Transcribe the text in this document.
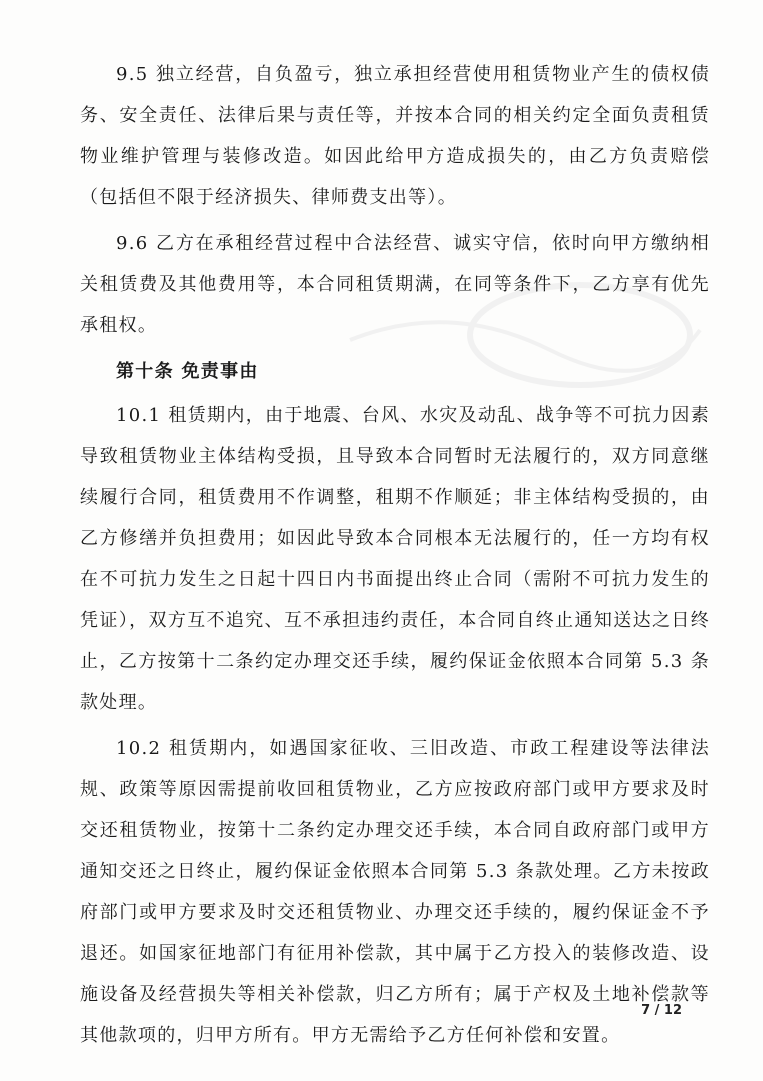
9.5 独立经营，自负盈亏，独立承担经营使用租赁物业产生的债权债务、安全责任、法律后果与责任等，并按本合同的相关约定全面负责租赁物业维护管理与装修改造。如因此给甲方造成损失的，由乙方负责赔偿（包括但不限于经济损失、律师费支出等）。

9.6 乙方在承租经营过程中合法经营、诚实守信，依时向甲方缴纳相关租赁费及其他费用等，本合同租赁期满，在同等条件下，乙方享有优先承租权。

第十条 免责事由

10.1 租赁期内，由于地震、台风、水灾及动乱、战争等不可抗力因素导致租赁物业主体结构受损，且导致本合同暂时无法履行的，双方同意继续履行合同，租赁费用不作调整，租期不作顺延；非主体结构受损的，由乙方修缮并负担费用；如因此导致本合同根本无法履行的，任一方均有权在不可抗力发生之日起十四日内书面提出终止合同（需附不可抗力发生的凭证），双方互不追究、互不承担违约责任，本合同自终止通知送达之日终止，乙方按第十二条约定办理交还手续，履约保证金依照本合同第 5.3 条款处理。

10.2 租赁期内，如遇国家征收、三旧改造、市政工程建设等法律法规、政策等原因需提前收回租赁物业，乙方应按政府部门或甲方要求及时交还租赁物业，按第十二条约定办理交还手续，本合同自政府部门或甲方通知交还之日终止，履约保证金依照本合同第 5.3 条款处理。乙方未按政府部门或甲方要求及时交还租赁物业、办理交还手续的，履约保证金不予退还。如国家征地部门有征用补偿款，其中属于乙方投入的装修改造、设施设备及经营损失等相关补偿款，归乙方所有；属于产权及土地补偿款等其他款项的，归甲方所有。甲方无需给予乙方任何补偿和安置。

7 / 12
